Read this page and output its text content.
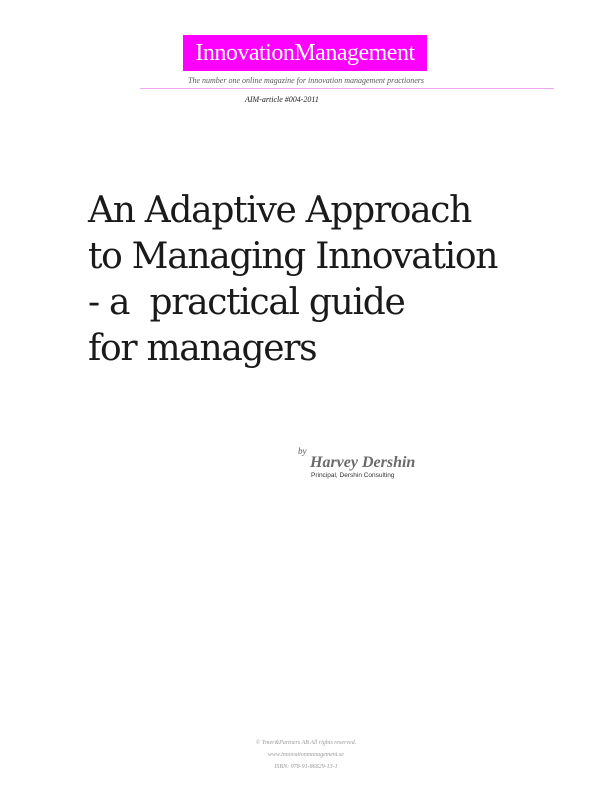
InnovationManagement
The number one online magazine for innovation management practioners
AIM-article #004-2011
An Adaptive Approach
to Managing Innovation
- a  practical guide
for managers
by
Harvey Dershin
Principal, Dershin Consulting
© Ymer&Partners AB All rights reserved.
www.innovationmanagement.se
ISBN: 978-91-86829-13-1
